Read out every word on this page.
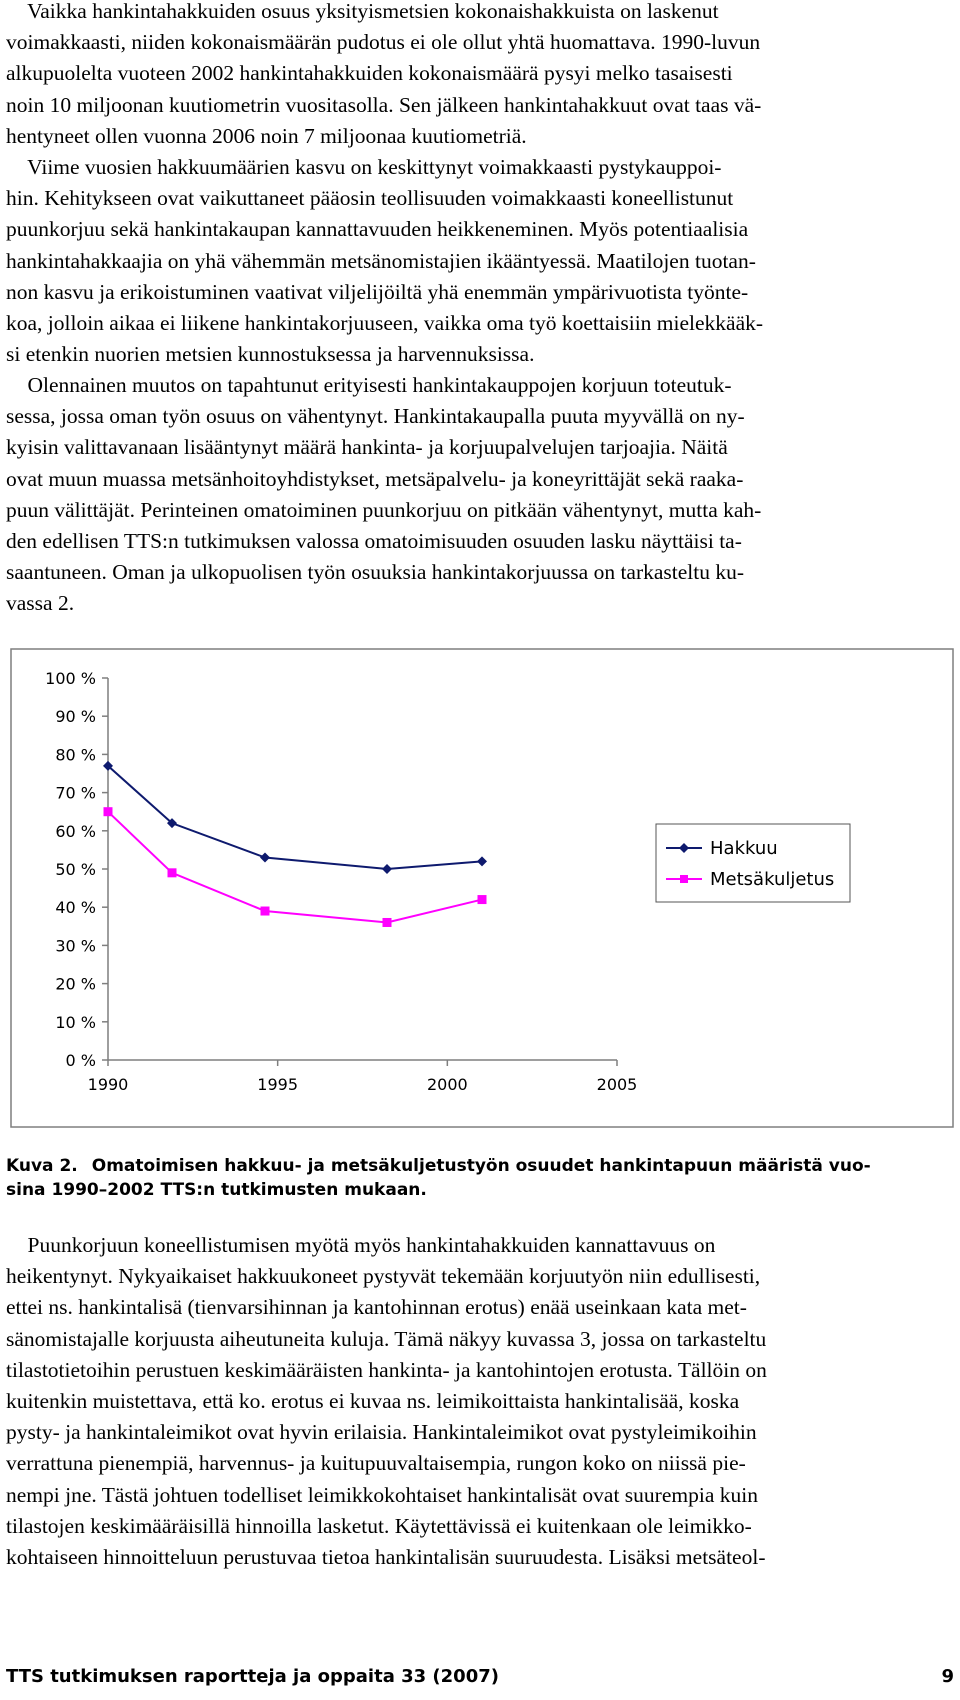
Vaikka hankintahakkuiden osuus yksityismetsien kokonaishakkuista on laskenut
voimakkaasti, niiden kokonaismäärän pudotus ei ole ollut yhtä huomattava. 1990-luvun
alkupuolelta vuoteen 2002 hankintahakkuiden kokonaismäärä pysyi melko tasaisesti
noin 10 miljoonan kuutiometrin vuositasolla. Sen jälkeen hankintahakkuut ovat taas vä-
hentyneet ollen vuonna 2006 noin 7 miljoonaa kuutiometriä.
Viime vuosien hakkuumäärien kasvu on keskittynyt voimakkaasti pystykauppoi-
hin. Kehitykseen ovat vaikuttaneet pääosin teollisuuden voimakkaasti koneellistunut
puunkorjuu sekä hankintakaupan kannattavuuden heikkeneminen. Myös potentiaalisia
hankintahakkaajia on yhä vähemmän metsänomistajien ikääntyessä. Maatilojen tuotan-
non kasvu ja erikoistuminen vaativat viljelijöiltä yhä enemmän ympärivuotista työnte-
koa, jolloin aikaa ei liikene hankintakorjuuseen, vaikka oma työ koettaisiin mielekkääk-
si etenkin nuorien metsien kunnostuksessa ja harvennuksissa.
Olennainen muutos on tapahtunut erityisesti hankintakauppojen korjuun toteutuk-
sessa, jossa oman työn osuus on vähentynyt. Hankintakaupalla puuta myyvällä on ny-
kyisin valittavanaan lisääntynyt määrä hankinta- ja korjuupalvelujen tarjoajia. Näitä
ovat muun muassa metsänhoitoyhdistykset, metsäpalvelu- ja koneyrittäjät sekä raaka-
puun välittäjät. Perinteinen omatoiminen puunkorjuu on pitkään vähentynyt, mutta kah-
den edellisen TTS:n tutkimuksen valossa omatoimisuuden osuuden lasku näyttäisi ta-
saantuneen. Oman ja ulkopuolisen työn osuuksia hankintakorjuussa on tarkasteltu ku-
vassa 2.
0 %
10 %
20 %
30 %
40 %
50 %
60 %
70 %
80 %
90 %
100 %
1990	1995	2000	2005
Hakkuu
Metsäkuljetus
Kuva 2. Omatoimisen hakkuu- ja metsäkuljetustyön osuudet hankintapuun määristä vuo-
sina 1990–2002 TTS:n tutkimusten mukaan.
Puunkorjuun koneellistumisen myötä myös hankintahakkuiden kannattavuus on
heikentynyt. Nykyaikaiset hakkuukoneet pystyvät tekemään korjuutyön niin edullisesti,
ettei ns. hankintalisä (tienvarsihinnan ja kantohinnan erotus) enää useinkaan kata met-
sänomistajalle korjuusta aiheutuneita kuluja. Tämä näkyy kuvassa 3, jossa on tarkasteltu
tilastotietoihin perustuen keskimääräisten hankinta- ja kantohintojen erotusta. Tällöin on
kuitenkin muistettava, että ko. erotus ei kuvaa ns. leimikoittaista hankintalisää, koska
pysty- ja hankintaleimikot ovat hyvin erilaisia. Hankintaleimikot ovat pystyleimikoihin
verrattuna pienempiä, harvennus- ja kuitupuuvaltaisempia, rungon koko on niissä pie-
nempi jne. Tästä johtuen todelliset leimikkokohtaiset hankintalisät ovat suurempia kuin
tilastojen keskimääräisillä hinnoilla lasketut. Käytettävissä ei kuitenkaan ole leimikko-
kohtaiseen hinnoitteluun perustuvaa tietoa hankintalisän suuruudesta. Lisäksi metsäteol-
TTS tutkimuksen raportteja ja oppaita 33 (2007)	9
